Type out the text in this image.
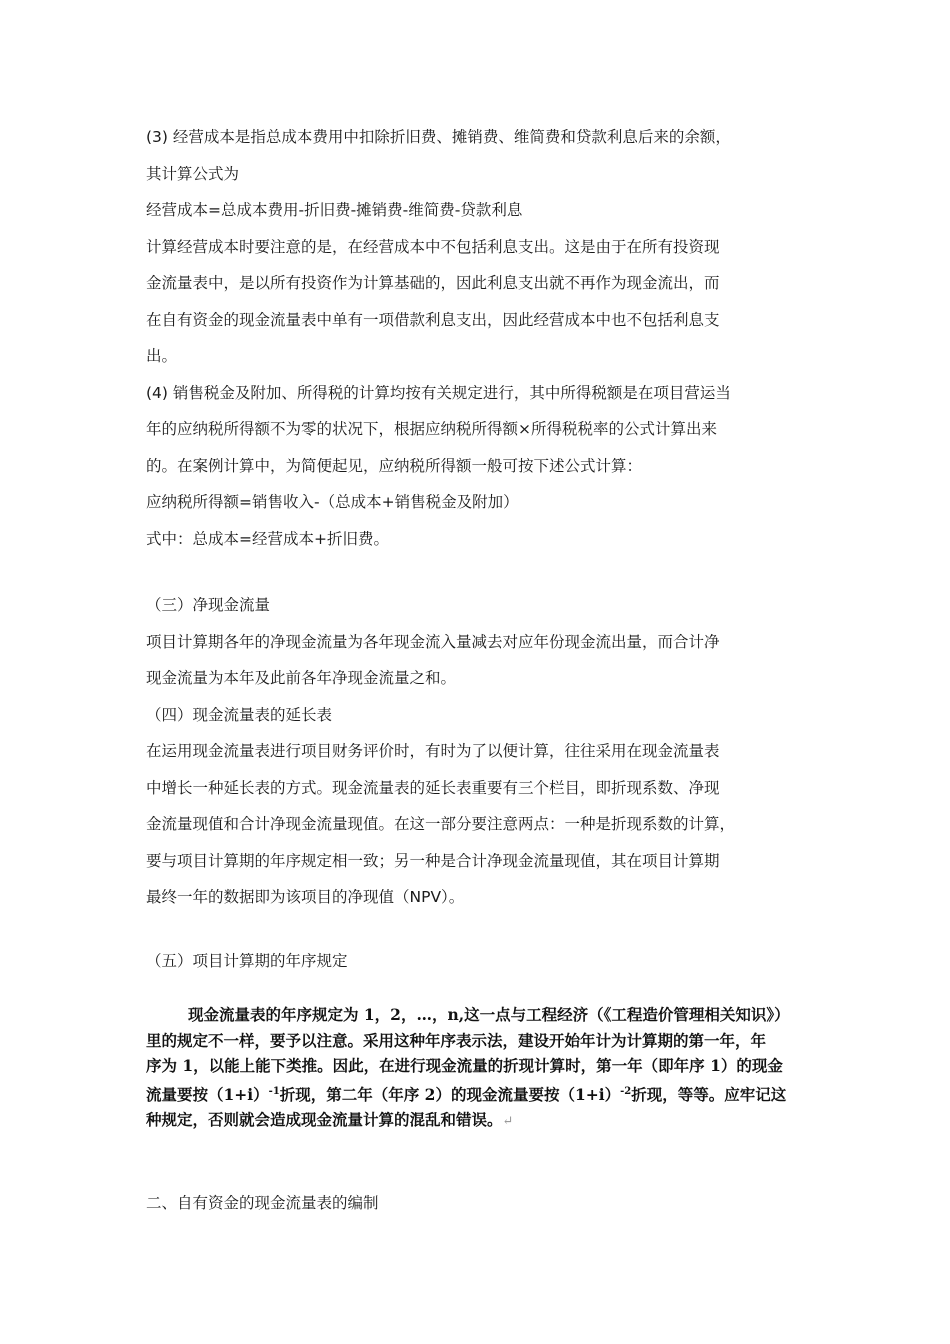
(3) 经营成本是指总成本费用中扣除折旧费、摊销费、维简费和贷款利息后来的余额，

其计算公式为

经营成本=总成本费用-折旧费-摊销费-维简费-贷款利息

计算经营成本时要注意的是，在经营成本中不包括利息支出。这是由于在所有投资现

金流量表中，是以所有投资作为计算基础的，因此利息支出就不再作为现金流出，而

在自有资金的现金流量表中单有一项借款利息支出，因此经营成本中也不包括利息支

出。

(4) 销售税金及附加、所得税的计算均按有关规定进行，其中所得税额是在项目营运当

年的应纳税所得额不为零的状况下，根据应纳税所得额×所得税税率的公式计算出来

的。在案例计算中，为简便起见，应纳税所得额一般可按下述公式计算：

应纳税所得额=销售收入-（总成本+销售税金及附加）

式中：总成本=经营成本+折旧费。

（三）净现金流量

项目计算期各年的净现金流量为各年现金流入量减去对应年份现金流出量，而合计净

现金流量为本年及此前各年净现金流量之和。

（四）现金流量表的延长表

在运用现金流量表进行项目财务评价时，有时为了以便计算，往往采用在现金流量表

中增长一种延长表的方式。现金流量表的延长表重要有三个栏目，即折现系数、净现

金流量现值和合计净现金流量现值。在这一部分要注意两点：一种是折现系数的计算，

要与项目计算期的年序规定相一致；另一种是合计净现金流量现值，其在项目计算期

最终一年的数据即为该项目的净现值（NPV）。

（五）项目计算期的年序规定

现金流量表的年序规定为 1，2，…，n,这一点与工程经济（《工程造价管理相关知识》）
里的规定不一样，要予以注意。采用这种年序表示法，建设开始年计为计算期的第一年，年
序为 1，以能上能下类推。因此，在进行现金流量的折现计算时，第一年（即年序 1）的现金
流量要按$(1+i)^{-1}$折现，第二年（年序 2）的现金流量要按$(1+i)^{-2}$折现，等等。应牢记这
种规定，否则就会造成现金流量计算的混乱和错误。↵

二、自有资金的现金流量表的编制
